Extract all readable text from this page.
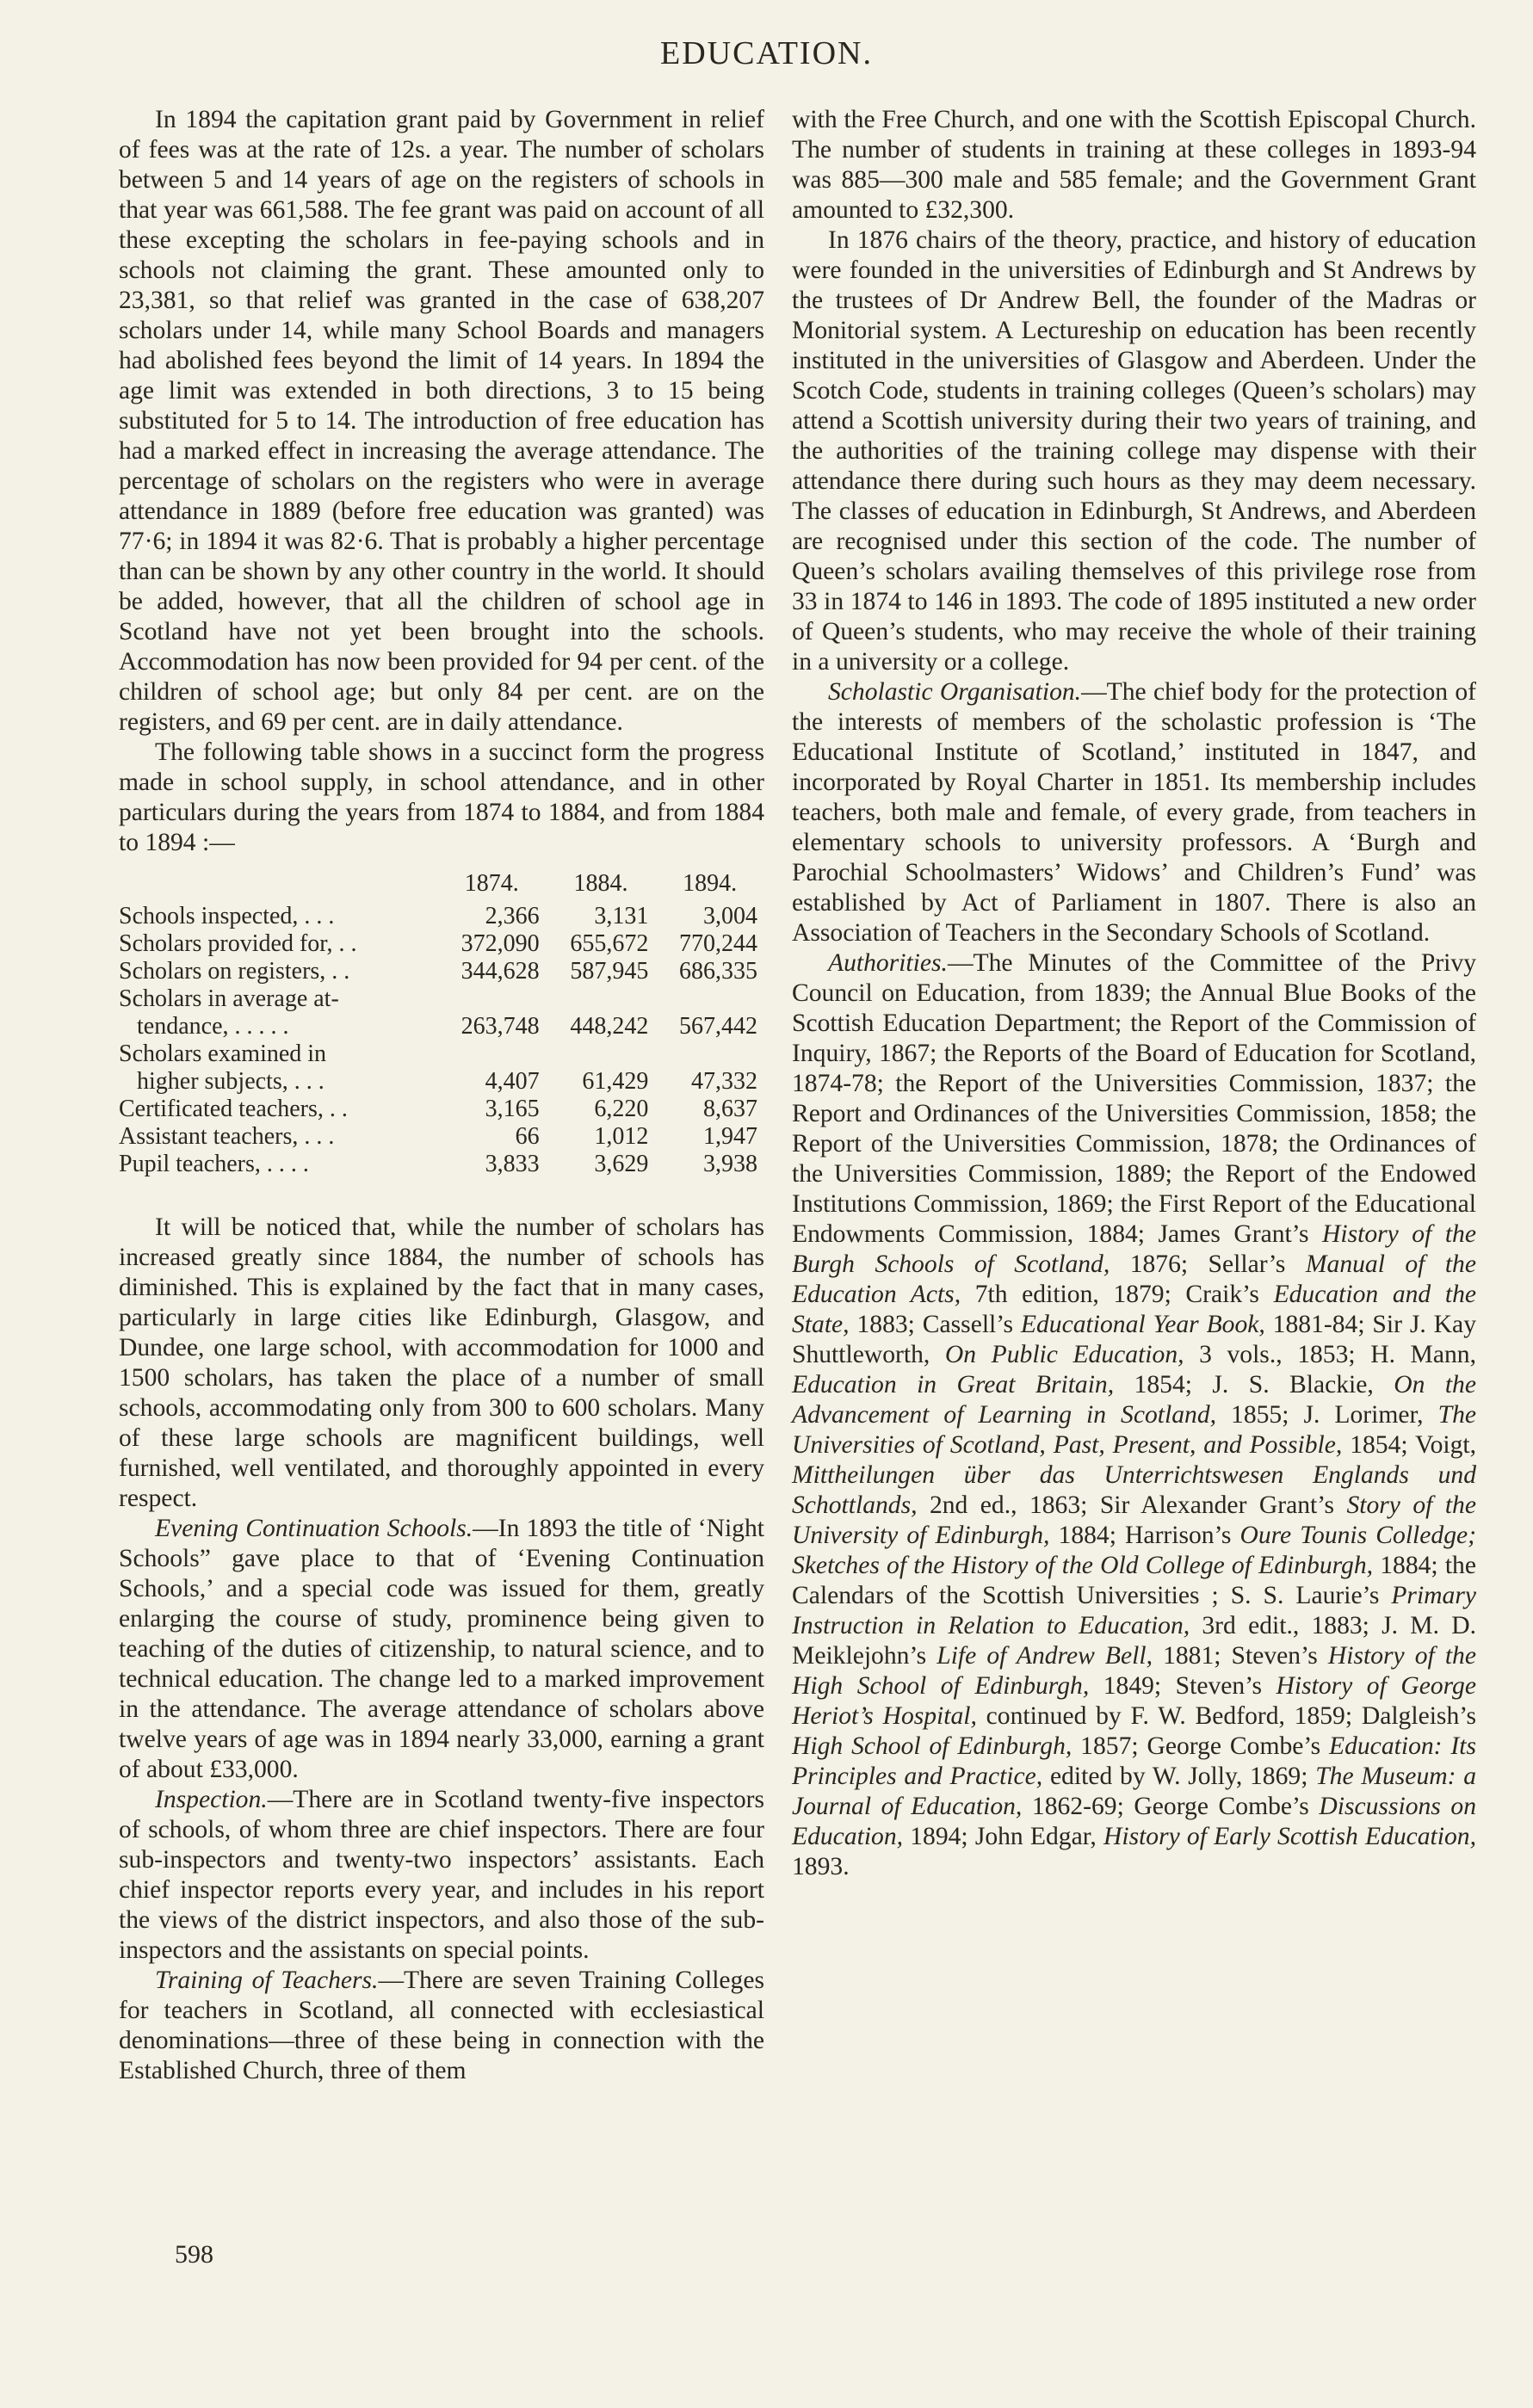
EDUCATION.

In 1894 the capitation grant paid by Government in relief of fees was at the rate of 12s. a year. The number of scholars between 5 and 14 years of age on the registers of schools in that year was 661,588. The fee grant was paid on account of all these excepting the scholars in fee-paying schools and in schools not claiming the grant. These amounted only to 23,381, so that relief was granted in the case of 638,207 scholars under 14, while many School Boards and managers had abolished fees beyond the limit of 14 years. In 1894 the age limit was extended in both directions, 3 to 15 being substituted for 5 to 14. The introduction of free education has had a marked effect in increasing the average attendance. The percentage of scholars on the registers who were in average attendance in 1889 (before free education was granted) was 77·6; in 1894 it was 82·6. That is probably a higher percentage than can be shown by any other country in the world. It should be added, however, that all the children of school age in Scotland have not yet been brought into the schools. Accommodation has now been provided for 94 per cent. of the children of school age; but only 84 per cent. are on the registers, and 69 per cent. are in daily attendance.

The following table shows in a succinct form the progress made in school supply, in school attendance, and in other particulars during the years from 1874 to 1884, and from 1884 to 1894 :—

	1874.	1884.	1894.
Schools inspected, . . .	2,366	3,131	3,004
Scholars provided for, . .	372,090	655,672	770,244
Scholars on registers, . .	344,628	587,945	686,335
Scholars in average at-			
tendance, . . . . .	263,748	448,242	567,442
Scholars examined in			
higher subjects, . . .	4,407	61,429	47,332
Certificated teachers, . .	3,165	6,220	8,637
Assistant teachers, . . .	66	1,012	1,947
Pupil teachers, . . . .	3,833	3,629	3,938

It will be noticed that, while the number of scholars has increased greatly since 1884, the number of schools has diminished. This is explained by the fact that in many cases, particularly in large cities like Edinburgh, Glasgow, and Dundee, one large school, with accommodation for 1000 and 1500 scholars, has taken the place of a number of small schools, accommodating only from 300 to 600 scholars. Many of these large schools are magnificent buildings, well furnished, well ventilated, and thoroughly appointed in every respect.

Evening Continuation Schools.—In 1893 the title of ‘Night Schools” gave place to that of ‘Evening Continuation Schools,’ and a special code was issued for them, greatly enlarging the course of study, prominence being given to teaching of the duties of citizenship, to natural science, and to technical education. The change led to a marked improvement in the attendance. The average attendance of scholars above twelve years of age was in 1894 nearly 33,000, earning a grant of about £33,000.

Inspection.—There are in Scotland twenty-five inspectors of schools, of whom three are chief inspectors. There are four sub-inspectors and twenty-two inspectors’ assistants. Each chief inspector reports every year, and includes in his report the views of the district inspectors, and also those of the sub-inspectors and the assistants on special points.

Training of Teachers.—There are seven Training Colleges for teachers in Scotland, all connected with ecclesiastical denominations—three of these being in connection with the Established Church, three of them

with the Free Church, and one with the Scottish Episcopal Church. The number of students in training at these colleges in 1893-94 was 885—300 male and 585 female; and the Government Grant amounted to £32,300.

In 1876 chairs of the theory, practice, and history of education were founded in the universities of Edinburgh and St Andrews by the trustees of Dr Andrew Bell, the founder of the Madras or Monitorial system. A Lectureship on education has been recently instituted in the universities of Glasgow and Aberdeen. Under the Scotch Code, students in training colleges (Queen’s scholars) may attend a Scottish university during their two years of training, and the authorities of the training college may dispense with their attendance there during such hours as they may deem necessary. The classes of education in Edinburgh, St Andrews, and Aberdeen are recognised under this section of the code. The number of Queen’s scholars availing themselves of this privilege rose from 33 in 1874 to 146 in 1893. The code of 1895 instituted a new order of Queen’s students, who may receive the whole of their training in a university or a college.

Scholastic Organisation.—The chief body for the protection of the interests of members of the scholastic profession is ‘The Educational Institute of Scotland,’ instituted in 1847, and incorporated by Royal Charter in 1851. Its membership includes teachers, both male and female, of every grade, from teachers in elementary schools to university professors. A ‘Burgh and Parochial Schoolmasters’ Widows’ and Children’s Fund’ was established by Act of Parliament in 1807. There is also an Association of Teachers in the Secondary Schools of Scotland.

Authorities.—The Minutes of the Committee of the Privy Council on Education, from 1839; the Annual Blue Books of the Scottish Education Department; the Report of the Commission of Inquiry, 1867; the Reports of the Board of Education for Scotland, 1874-78; the Report of the Universities Commission, 1837; the Report and Ordinances of the Universities Commission, 1858; the Report of the Universities Commission, 1878; the Ordinances of the Universities Commission, 1889; the Report of the Endowed Institutions Commission, 1869; the First Report of the Educational Endowments Commission, 1884; James Grant’s History of the Burgh Schools of Scotland, 1876; Sellar’s Manual of the Education Acts, 7th edition, 1879; Craik’s Education and the State, 1883; Cassell’s Educational Year Book, 1881-84; Sir J. Kay Shuttleworth, On Public Education, 3 vols., 1853; H. Mann, Education in Great Britain, 1854; J. S. Blackie, On the Advancement of Learning in Scotland, 1855; J. Lorimer, The Universities of Scotland, Past, Present, and Possible, 1854; Voigt, Mittheilungen über das Unterrichtswesen Englands und Schottlands, 2nd ed., 1863; Sir Alexander Grant’s Story of the University of Edinburgh, 1884; Harrison’s Oure Tounis Colledge; Sketches of the History of the Old College of Edinburgh, 1884; the Calendars of the Scottish Universities ; S. S. Laurie’s Primary Instruction in Relation to Education, 3rd edit., 1883; J. M. D. Meiklejohn’s Life of Andrew Bell, 1881; Steven’s History of the High School of Edinburgh, 1849; Steven’s History of George Heriot’s Hospital, continued by F. W. Bedford, 1859; Dalgleish’s High School of Edinburgh, 1857; George Combe’s Education: Its Principles and Practice, edited by W. Jolly, 1869; The Museum: a Journal of Education, 1862-69; George Combe’s Discussions on Education, 1894; John Edgar, History of Early Scottish Education, 1893.

598
